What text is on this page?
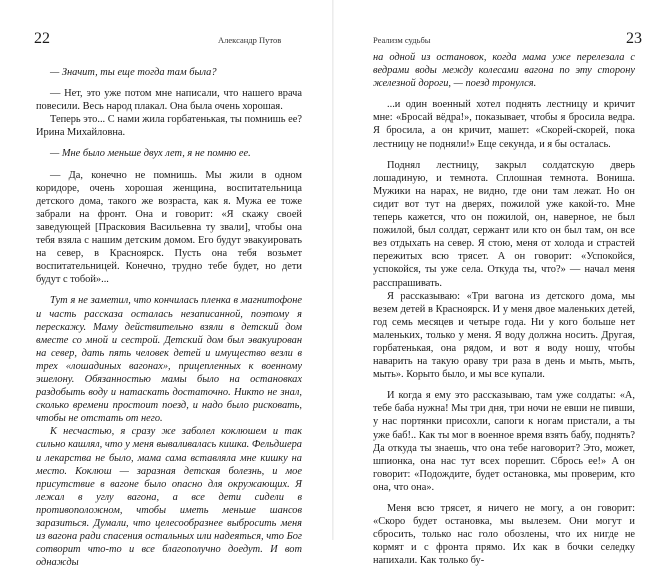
22	Александр Путов

— Значит, ты еще тогда там была?

— Нет, это уже потом мне написали, что нашего врача повесили. Весь народ плакал. Она была очень хорошая.

Теперь это... С нами жила горбатенькая, ты помнишь ее? Ирина Михайловна.

— Мне было меньше двух лет, я не помню ее.

— Да, конечно не помнишь. Мы жили в одном коридоре, очень хорошая женщина, воспитательница детского дома, такого же возраста, как я. Мужа ее тоже забрали на фронт. Она и говорит: «Я скажу своей заведующей [Прасковия Васильевна ту звали], чтобы она тебя взяла с нашим детским домом. Его будут эвакуировать на север, в Красноярск. Пусть она тебя возьмет воспитательницей. Конечно, трудно тебе будет, но дети будут с тобой»...

Тут я не заметил, что кончилась пленка в магнитофоне и часть рассказа осталась незаписанной, поэтому я перескажу. Маму действительно взяли в детский дом вместе со мной и сестрой. Детский дом был эвакуирован на север, дать пять человек детей и имущество везли в трех «лошадиных вагонах», прицепленных к военному эшелону. Обязанностью мамы было на остановках раздобыть воду и натаскать достаточно. Никто не знал, сколько времени простоит поезд, и надо было рисковать, чтобы не отстать от него.

К несчастью, я сразу же заболел коклюшем и так сильно кашлял, что у меня вываливалась кишка. Фельдшера и лекарства не было, мама сама вставляла мне кишку на место. Коклюш — заразная детская болезнь, и мое присутствие в вагоне было опасно для окружающих. Я лежал в углу вагона, а все дети сидели в противоположном, чтобы иметь меньше шансов заразиться. Думали, что целесообразнее выбросить меня из вагона ради спасения остальных или надеяться, что Бог сотворит что-то и все благополучно доедут. И вот однажды

23
Реализм судьбы

на одной из остановок, когда мама уже перелезала с ведрами воды между колесами вагона по эту сторону железной дороги, — поезд тронулся.

...и один военный хотел поднять лестницу и кричит мне: «Бросай вёдра!», показывает, чтобы я бросила ведра. Я бросила, а он кричит, машет: «Скорей-скорей, пока лестницу не подняли!» Еще секунда, и я бы осталась.

Поднял лестницу, закрыл солдатскую дверь лошадиную, и темнота. Сплошная темнота. Вониша. Мужики на нарах, не видно, где они там лежат. Но он сидит вот тут на дверях, пожилой уже какой-то. Мне теперь кажется, что он пожилой, он, наверное, не был пожилой, был солдат, сержант или кто он был там, он все вез отдыхать на север. Я стою, меня от холода и страстей пережитых всю трясет. А он говорит: «Успокойся, успокойся, ты уже села. Откуда ты, что?» — начал меня расспрашивать.

Я рассказываю: «Три вагона из детского дома, мы везем детей в Красноярск. И у меня двое маленьких детей, год семь месяцев и четыре года. Ни у кого больше нет маленьких, только у меня. Я воду должна носить. Другая, горбатенькая, она рядом, и вот я воду ношу, чтобы наварить на такую ораву три раза в день и мыть, мыть, мыть». Корыто было, и мы все купали.

И когда я ему это рассказываю, там уже солдаты: «А, тебе баба нужна! Мы три дня, три ночи не евши не пивши, у нас портянки присохли, сапоги к ногам пристали, а ты уже баб!.. Как ты мог в военное время взять бабу, поднять? Да откуда ты знаешь, что она тебе наговорит? Это, может, шпионка, она нас тут всех порешит. Сбрось ее!» А он говорит: «Подождите, будет остановка, мы проверим, кто она, что она».

Меня всю трясет, я ничего не могу, а он говорит: «Скоро будет остановка, мы вылезем. Они могут и сбросить, только нас голо обозлены, что их нигде не кормят и с фронта прямо. Их как в бочки селедку напихали. Как только бу-
